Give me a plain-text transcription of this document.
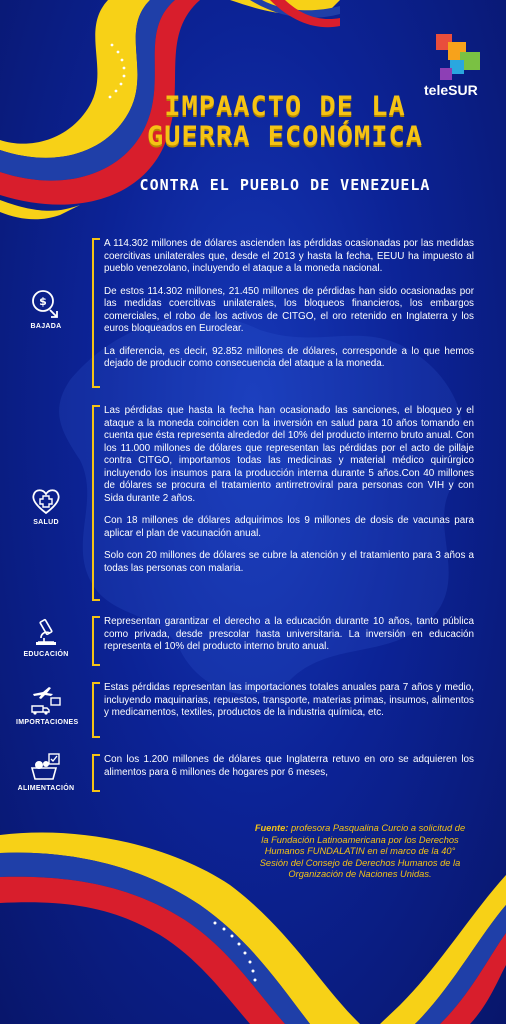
teleSUR
IMPAACTO DE LA
GUERRA ECONÓMICA
CONTRA EL PUEBLO DE VENEZUELA
$
BAJADA

A 114.302 millones de dólares ascienden las pérdidas ocasionadas por las medidas coercitivas unilaterales que, desde el 2013 y hasta la fecha, EEUU ha impuesto al pueblo venezolano, incluyendo el ataque a la moneda nacional.

De estos 114.302 millones, 21.450 millones de pérdidas han sido ocasionadas por las medidas coercitivas unilaterales, los bloqueos financieros, los embargos comerciales, el robo de los activos de CITGO, el oro retenido en Inglaterra y los euros bloqueados en Euroclear.

La diferencia, es decir, 92.852 millones de dólares, corresponde a lo que hemos dejado de producir como consecuencia del ataque a la moneda.

SALUD

Las pérdidas que hasta la fecha han ocasionado las sanciones, el bloqueo y el ataque a la moneda coinciden con la inversión en salud para 10 años tomando en cuenta que ésta representa alrededor del 10% del producto interno bruto anual. Con los 11.000 millones de dólares que representan las pérdidas por el acto de pillaje contra CITGO, importamos todas las medicinas y material médico quirúrgico incluyendo los insumos para la producción interna durante 5 años.Con 40 millones de dólares se procura el tratamiento antirretroviral para personas con VIH y con Sida durante 2 años.

Con 18 millones de dólares adquirimos los 9 millones de dosis de vacunas para aplicar el plan de vacunación anual.

Solo con 20 millones de dólares se cubre la atención y el tratamiento para 3 años a todas las personas con malaria.

EDUCACIÓN

Representan garantizar el derecho a la educación durante 10 años, tanto pública como privada, desde prescolar hasta universitaria. La inversión en educación representa el 10% del producto interno bruto anual.

IMPORTACIONES

Estas pérdidas representan las importaciones totales anuales para 7 años y medio, incluyendo maquinarias, repuestos, transporte, materias primas, insumos, alimentos y medicamentos, textiles, productos de la industria química, etc.

ALIMENTACIÓN

Con los 1.200 millones de dólares que Inglaterra retuvo en oro se adquieren los alimentos para 6 millones de hogares por 6 meses,

Fuente: profesora Pasqualina Curcio a solicitud de la Fundación Latinoamericana por los Derechos Humanos FUNDALATIN en el marco de la 40° Sesión del Consejo de Derechos Humanos de la Organización de Naciones Unidas.
